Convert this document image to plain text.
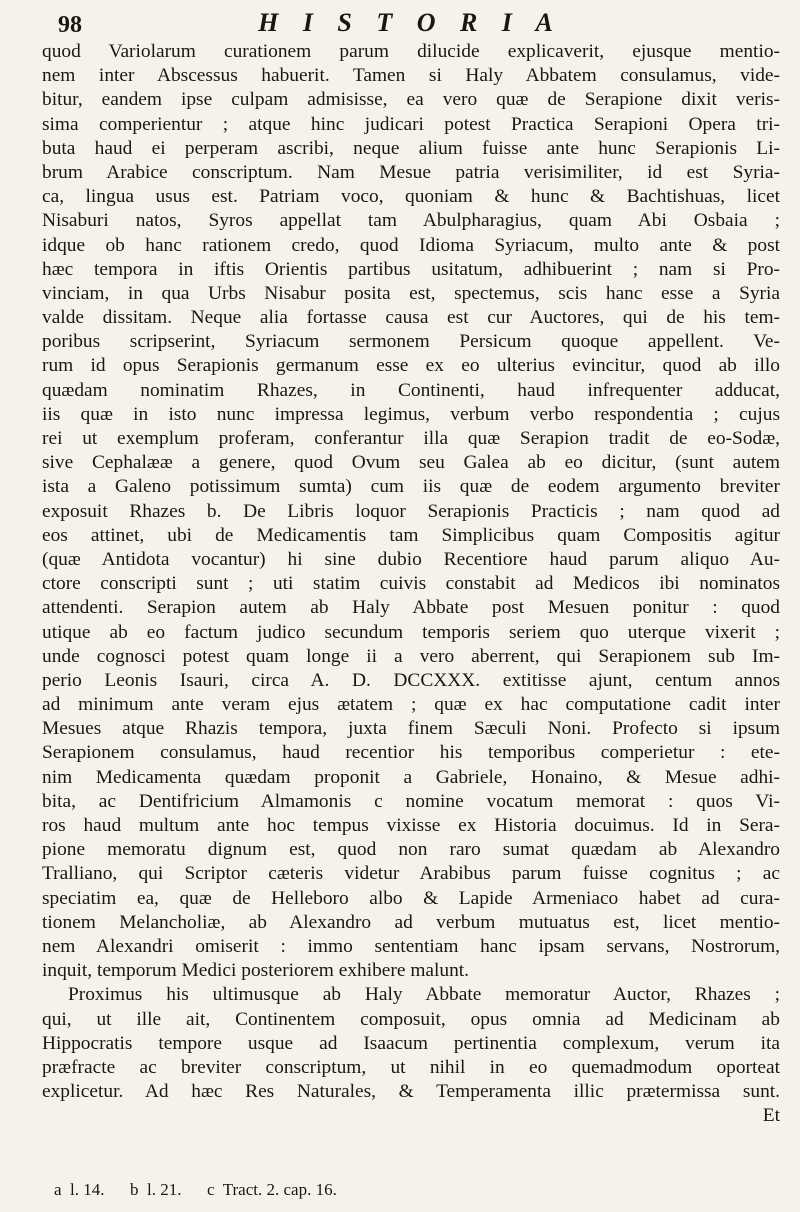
98	H I S T O R I A
quod Variolarum curationem parum dilucide explicaverit, ejusque mentio-
nem inter Abscessus habuerit. Tamen si Haly Abbatem consulamus, vide-
bitur, eandem ipse culpam admisisse, ea vero quæ de Serapione dixit veris-
sima comperientur ; atque hinc judicari potest Practica Serapioni Opera tri-
buta haud ei perperam ascribi, neque alium fuisse ante hunc Serapionis Li-
brum Arabice conscriptum. Nam Mesue patria verisimiliter, id est Syria-
ca, lingua usus est. Patriam voco, quoniam & hunc & Bachtishuas, licet
Nisaburi natos, Syros appellat tam Abulpharagius, quam Abi Osbaia ;
idque ob hanc rationem credo, quod Idioma Syriacum, multo ante & post
hæc tempora in iftis Orientis partibus usitatum, adhibuerint ; nam si Pro-
vinciam, in qua Urbs Nisabur posita est, spectemus, scis hanc esse a Syria
valde dissitam. Neque alia fortasse causa est cur Auctores, qui de his tem-
poribus scripserint, Syriacum sermonem Persicum quoque appellent. Ve-
rum id opus Serapionis germanum esse ex eo ulterius evincitur, quod ab illo
quædam nominatim Rhazes, in Continenti, haud infrequenter adducat,
iis quæ in isto nunc impressa legimus, verbum verbo respondentia ; cujus
rei ut exemplum proferam, conferantur illa quæ Serapion tradit de eo-Sodæ,
sive Cephalææ a genere, quod Ovum seu Galea ab eo dicitur, (sunt autem
ista a Galeno potissimum sumta) cum iis quæ de eodem argumento breviter
exposuit Rhazes b. De Libris loquor Serapionis Practicis ; nam quod ad
eos attinet, ubi de Medicamentis tam Simplicibus quam Compositis agitur
(quæ Antidota vocantur) hi sine dubio Recentiore haud parum aliquo Au-
ctore conscripti sunt ; uti statim cuivis constabit ad Medicos ibi nominatos
attendenti. Serapion autem ab Haly Abbate post Mesuen ponitur : quod
utique ab eo factum judico secundum temporis seriem quo uterque vixerit ;
unde cognosci potest quam longe ii a vero aberrent, qui Serapionem sub Im-
perio Leonis Isauri, circa A. D. DCCXXX. extitisse ajunt, centum annos
ad minimum ante veram ejus ætatem ; quæ ex hac computatione cadit inter
Mesues atque Rhazis tempora, juxta finem Sæculi Noni. Profecto si ipsum
Serapionem consulamus, haud recentior his temporibus comperietur : ete-
nim Medicamenta quædam proponit a Gabriele, Honaino, & Mesue adhi-
bita, ac Dentifricium Almamonis c nomine vocatum memorat : quos Vi-
ros haud multum ante hoc tempus vixisse ex Historia docuimus. Id in Sera-
pione memoratu dignum est, quod non raro sumat quædam ab Alexandro
Tralliano, qui Scriptor cæteris videtur Arabibus parum fuisse cognitus ; ac
speciatim ea, quæ de Helleboro albo & Lapide Armeniaco habet ad cura-
tionem Melancholiæ, ab Alexandro ad verbum mutuatus est, licet mentio-
nem Alexandri omiserit : immo sententiam hanc ipsam servans, Nostrorum,
inquit, temporum Medici posteriorem exhibere malunt.
Proximus his ultimusque ab Haly Abbate memoratur Auctor, Rhazes ;
qui, ut ille ait, Continentem composuit, opus omnia ad Medicinam ab
Hippocratis tempore usque ad Isaacum pertinentia complexum, verum ita
præfracte ac breviter conscriptum, ut nihil in eo quemadmodum oporteat
explicetur. Ad hæc Res Naturales, & Temperamenta illic prætermissa sunt.
Et
a  l. 14.      b  l. 21.      c  Tract. 2. cap. 16.
